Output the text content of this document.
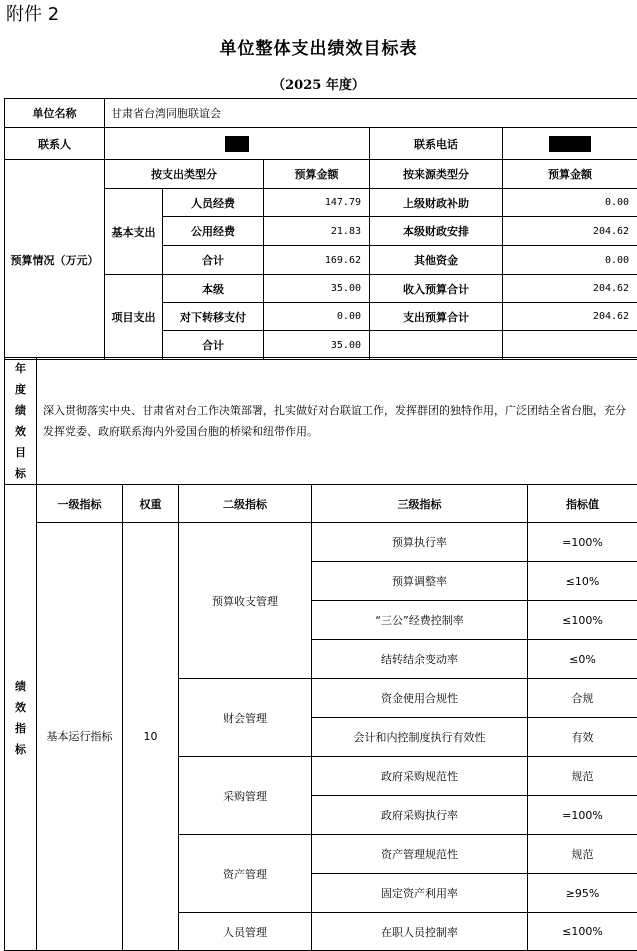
附件 2
单位整体支出绩效目标表
（2025 年度）
单位名称	甘肃省台湾同胞联谊会				
联系人				联系电话	
预算情况（万元）	按支出类型分		预算金额	按来源类型分	预算金额
	基本支出	人员经费	147.79	上级财政补助	0.00
		公用经费	21.83	本级财政安排	204.62
		合计	169.62	其他资金	0.00
	项目支出	本级	35.00	收入预算合计	204.62
		对下转移支付	0.00	支出预算合计	204.62
		合计	35.00		
年度绩效目标
	深入贯彻落实中央、甘肃省对台工作决策部署，扎实做好对台联谊工作，发挥群团的独特作用，广泛团结全省台胞，充分发挥党委、政府联系海内外爱国台胞的桥梁和纽带作用。
绩效指标	一级指标	权重	二级指标	三级指标	指标值

	基本运行指标	10	预算收支管理	预算执行率	=100%
				预算调整率	≤10%
				“三公”经费控制率	≤100%
				结转结余变动率	≤0%
			财会管理	资金使用合规性	合规
				会计和内控制度执行有效性	有效
			采购管理	政府采购规范性	规范
				政府采购执行率	=100%
			资产管理	资产管理规范性	规范
				固定资产利用率	≥95%
			人员管理	在职人员控制率	≤100%
